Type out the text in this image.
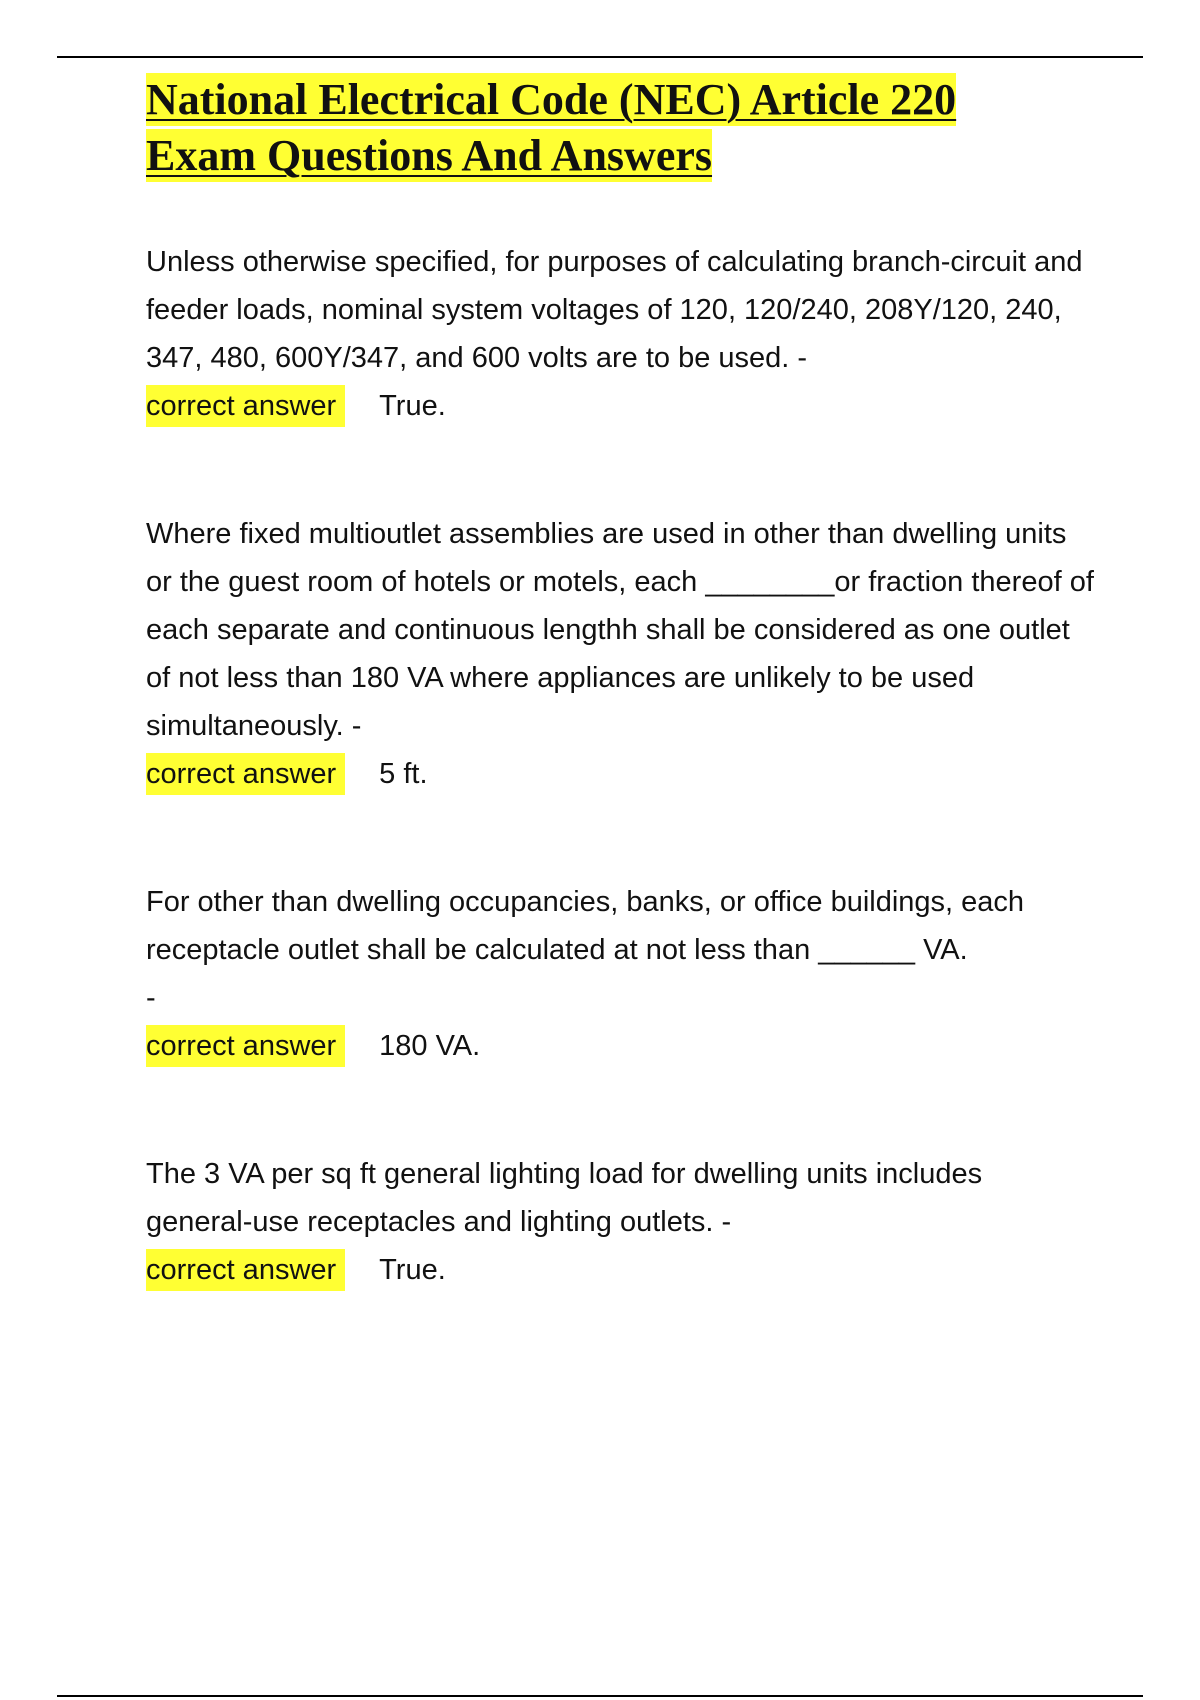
National Electrical Code (NEC) Article 220
Exam Questions And Answers

Unless otherwise specified, for purposes of calculating branch-circuit and feeder loads, nominal system voltages of 120, 120/240, 208Y/120, 240, 347, 480, 600Y/347, and 600 volts are to be used. -

correct answer True.

Where fixed multioutlet assemblies are used in other than dwelling units or the guest room of hotels or motels, each ________or fraction thereof of each separate and continuous lengthh shall be considered as one outlet of not less than 180 VA where appliances are unlikely to be used simultaneously. -

correct answer 5 ft.

For other than dwelling occupancies, banks, or office buildings, each receptacle outlet shall be calculated at not less than ______ VA.

-
correct answer 180 VA.

The 3 VA per sq ft general lighting load for dwelling units includes general-use receptacles and lighting outlets. -

correct answer True.
